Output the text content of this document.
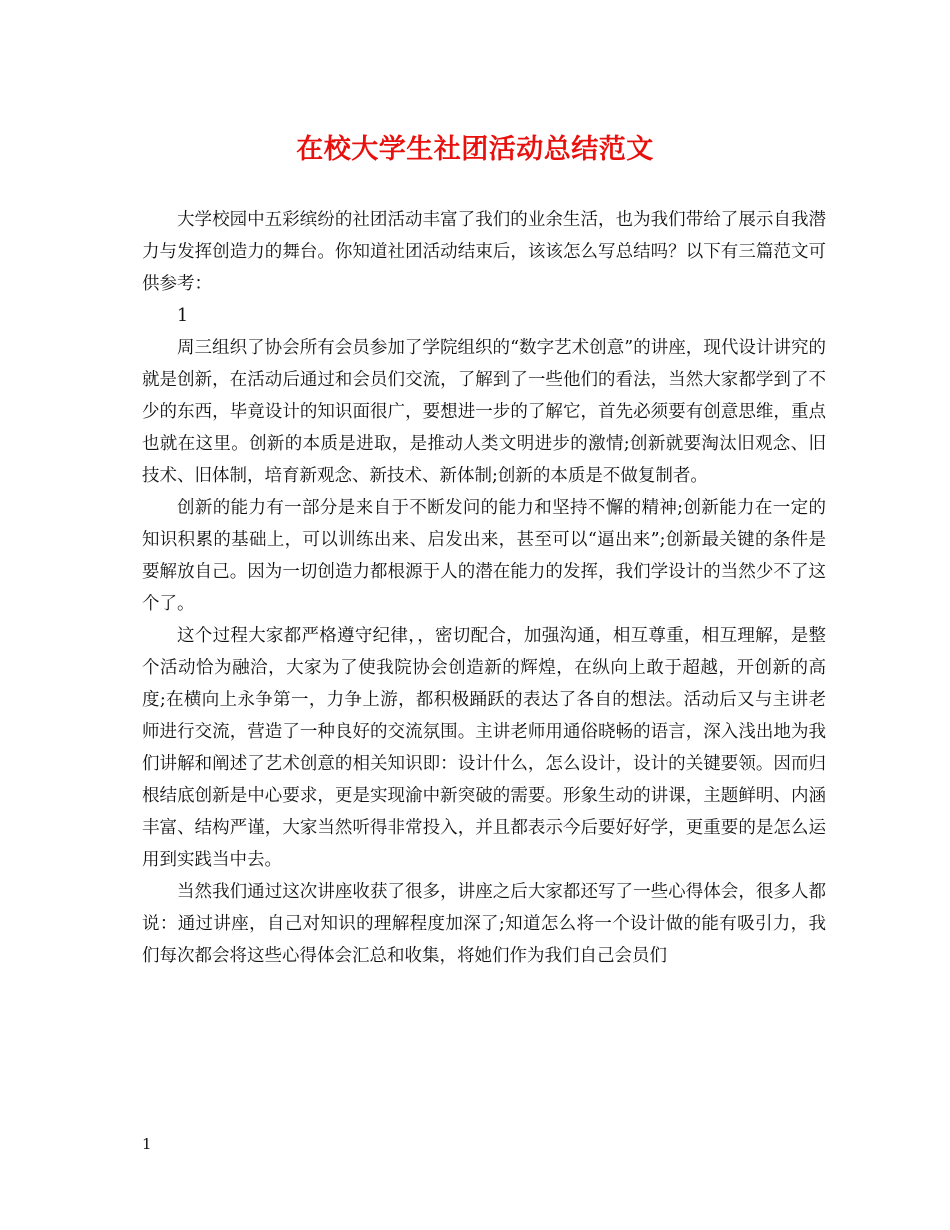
在校大学生社团活动总结范文

大学校园中五彩缤纷的社团活动丰富了我们的业余生活，也为我们带给了展示自我潜力与发挥创造力的舞台。你知道社团活动结束后，该该怎么写总结吗？以下有三篇范文可供参考：

1

周三组织了协会所有会员参加了学院组织的“数字艺术创意”的讲座，现代设计讲究的就是创新，在活动后通过和会员们交流，了解到了一些他们的看法，当然大家都学到了不少的东西，毕竟设计的知识面很广，要想进一步的了解它，首先必须要有创意思维，重点也就在这里。创新的本质是进取，是推动人类文明进步的激情;创新就要淘汰旧观念、旧技术、旧体制，培育新观念、新技术、新体制;创新的本质是不做复制者。

创新的能力有一部分是来自于不断发问的能力和坚持不懈的精神;创新能力在一定的知识积累的基础上，可以训练出来、启发出来，甚至可以“逼出来”;创新最关键的条件是要解放自己。因为一切创造力都根源于人的潜在能力的发挥，我们学设计的当然少不了这个了。

这个过程大家都严格遵守纪律，，密切配合，加强沟通，相互尊重，相互理解，是整个活动恰为融洽，大家为了使我院协会创造新的辉煌，在纵向上敢于超越，开创新的高度;在横向上永争第一，力争上游，都积极踊跃的表达了各自的想法。活动后又与主讲老师进行交流，营造了一种良好的交流氛围。主讲老师用通俗晓畅的语言，深入浅出地为我们讲解和阐述了艺术创意的相关知识即：设计什么，怎么设计，设计的关键要领。因而归根结底创新是中心要求，更是实现渝中新突破的需要。形象生动的讲课，主题鲜明、内涵丰富、结构严谨，大家当然听得非常投入，并且都表示今后要好好学，更重要的是怎么运用到实践当中去。

当然我们通过这次讲座收获了很多，讲座之后大家都还写了一些心得体会，很多人都说：通过讲座，自己对知识的理解程度加深了;知道怎么将一个设计做的能有吸引力，我们每次都会将这些心得体会汇总和收集，将她们作为我们自己会员们

1
